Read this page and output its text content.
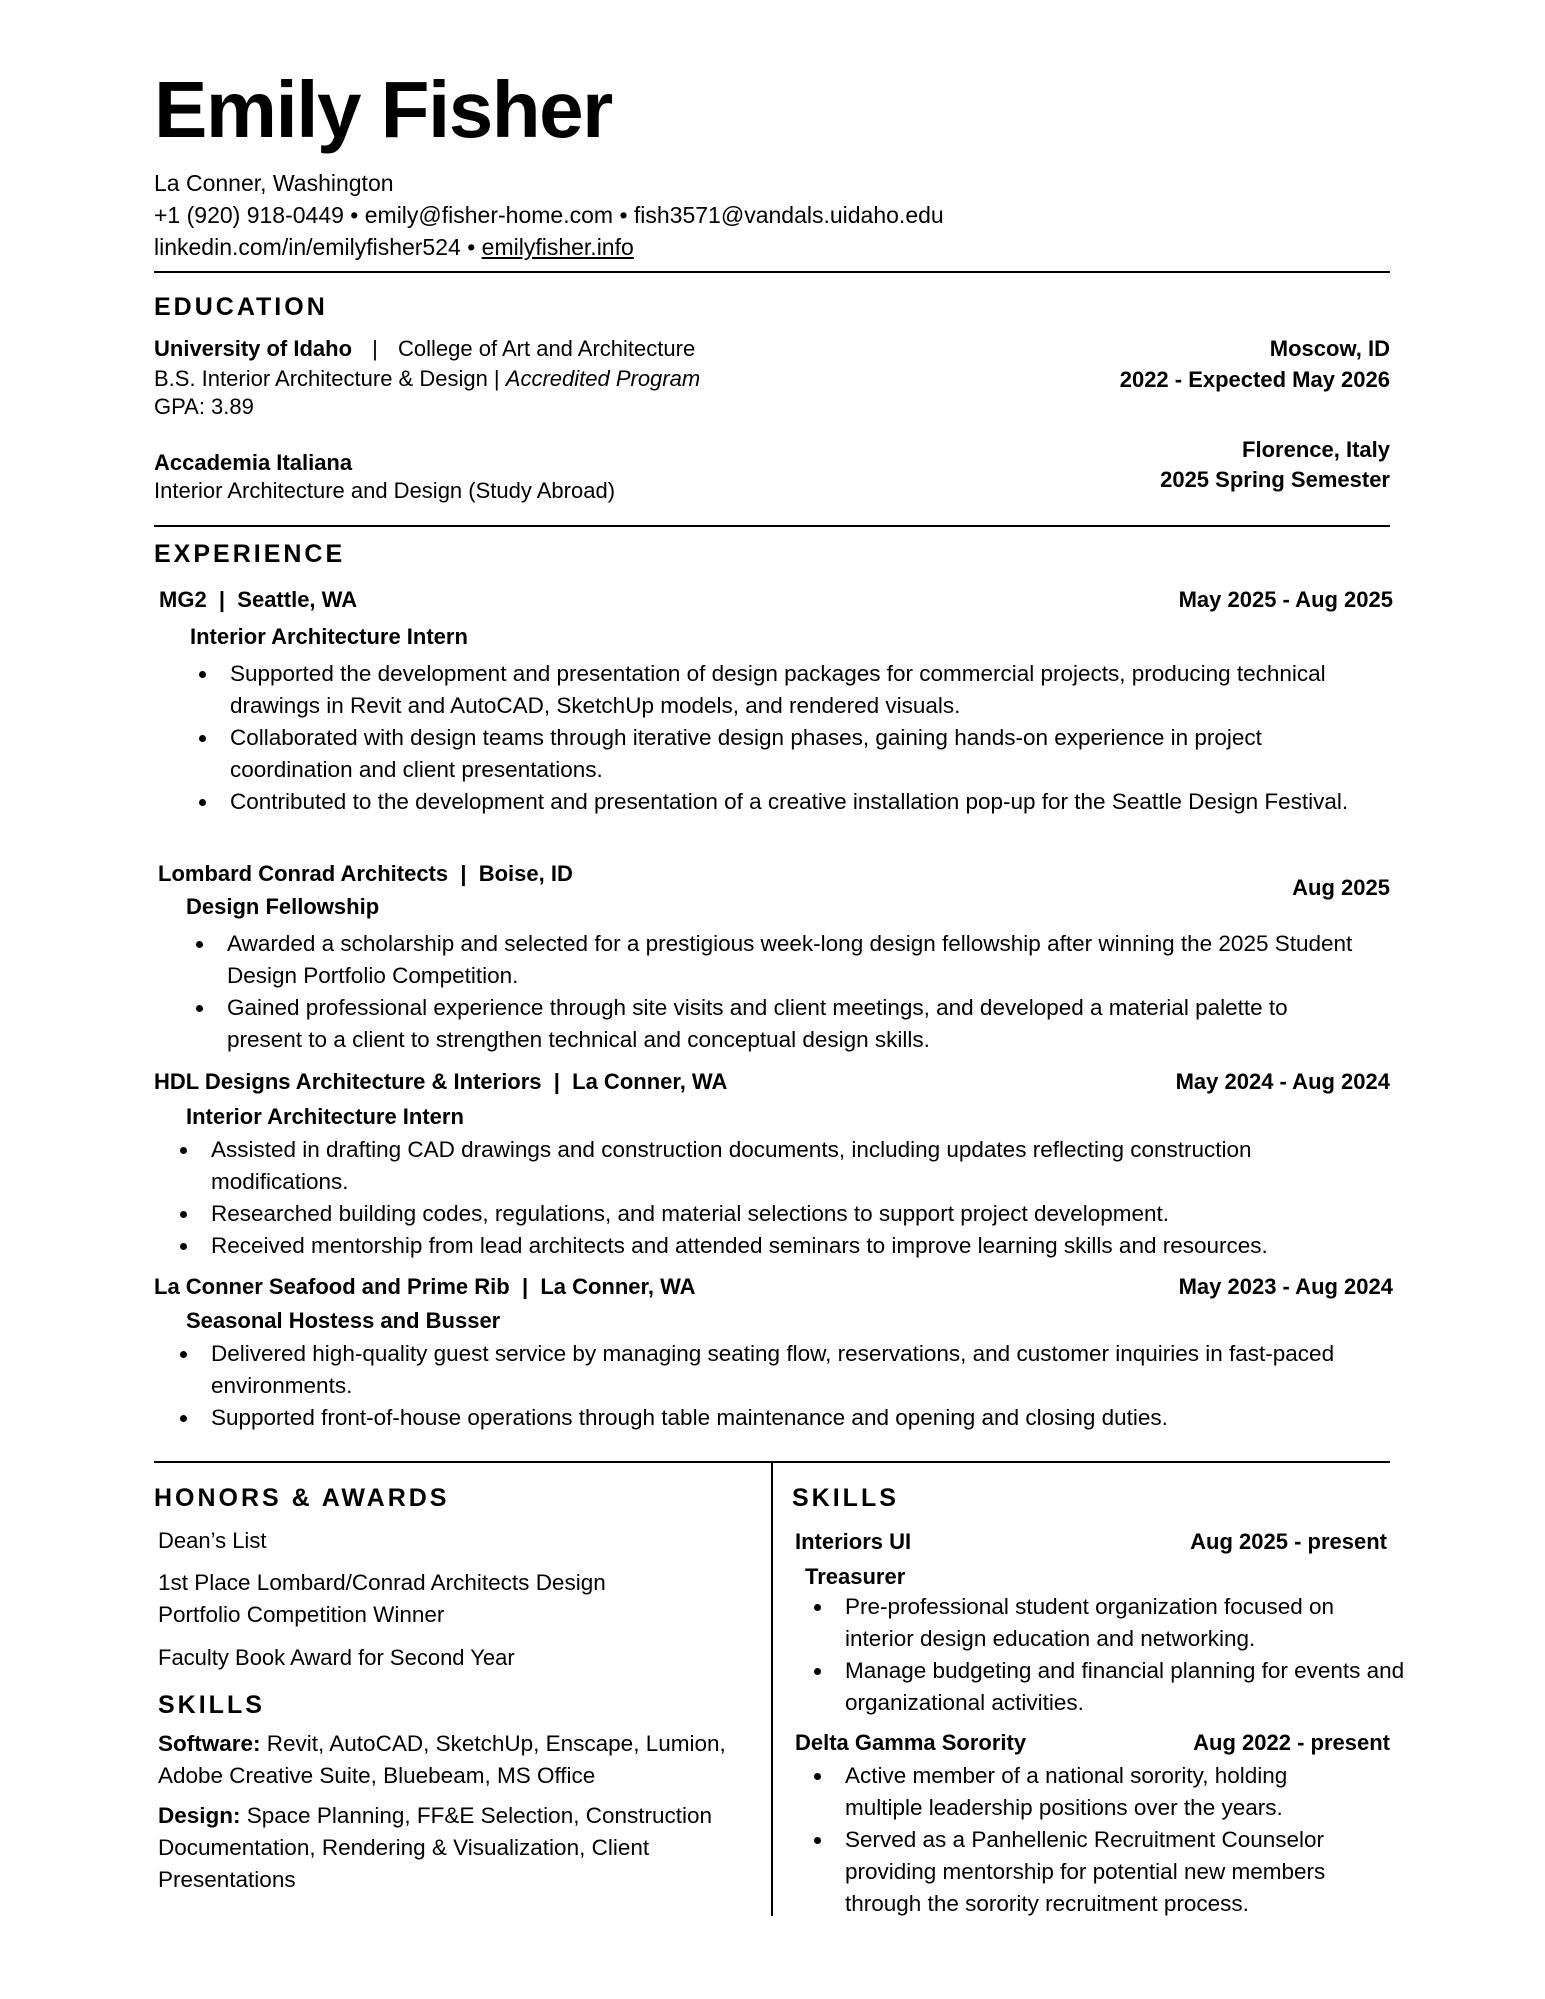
Emily Fisher
La Conner, Washington
+1 (920) 918-0449 • emily@fisher-home.com • fish3571@vandals.uidaho.edu
linkedin.com/in/emilyfisher524 • emilyfisher.info
EDUCATION
University of Idaho | College of Art and Architecture
B.S. Interior Architecture & Design | Accredited Program
GPA: 3.89
Moscow, ID
2022 - Expected May 2026
Accademia Italiana
Interior Architecture and Design (Study Abroad)
Florence, Italy
2025 Spring Semester
EXPERIENCE
MG2  |  Seattle, WA	May 2025 - Aug 2025
Interior Architecture Intern
Supported the development and presentation of design packages for commercial projects, producing technical drawings in Revit and AutoCAD, SketchUp models, and rendered visuals.
Collaborated with design teams through iterative design phases, gaining hands-on experience in project coordination and client presentations.
Contributed to the development and presentation of a creative installation pop-up for the Seattle Design Festival.
Lombard Conrad Architects  |  Boise, ID
Aug 2025
Design Fellowship
Awarded a scholarship and selected for a prestigious week-long design fellowship after winning the 2025 Student Design Portfolio Competition.
Gained professional experience through site visits and client meetings, and developed a material palette to present to a client to strengthen technical and conceptual design skills.
HDL Designs Architecture & Interiors  |  La Conner, WA	May 2024 - Aug 2024
Interior Architecture Intern
Assisted in drafting CAD drawings and construction documents, including updates reflecting construction modifications.
Researched building codes, regulations, and material selections to support project development.
Received mentorship from lead architects and attended seminars to improve learning skills and resources.
La Conner Seafood and Prime Rib  |  La Conner, WA	May 2023 - Aug 2024
Seasonal Hostess and Busser
Delivered high-quality guest service by managing seating flow, reservations, and customer inquiries in fast-paced environments.
Supported front-of-house operations through table maintenance and opening and closing duties.
HONORS & AWARDS
Dean’s List
1st Place Lombard/Conrad Architects Design Portfolio Competition Winner
Faculty Book Award for Second Year
SKILLS
Software: Revit, AutoCAD, SketchUp, Enscape, Lumion, Adobe Creative Suite, Bluebeam, MS Office
Design: Space Planning, FF&E Selection, Construction Documentation, Rendering & Visualization, Client Presentations
SKILLS
Interiors UI	Aug 2025 - present
Treasurer
Pre-professional student organization focused on interior design education and networking.
Manage budgeting and financial planning for events and organizational activities.
Delta Gamma Sorority	Aug 2022 - present
Active member of a national sorority, holding multiple leadership positions over the years.
Served as a Panhellenic Recruitment Counselor providing mentorship for potential new members through the sorority recruitment process.
